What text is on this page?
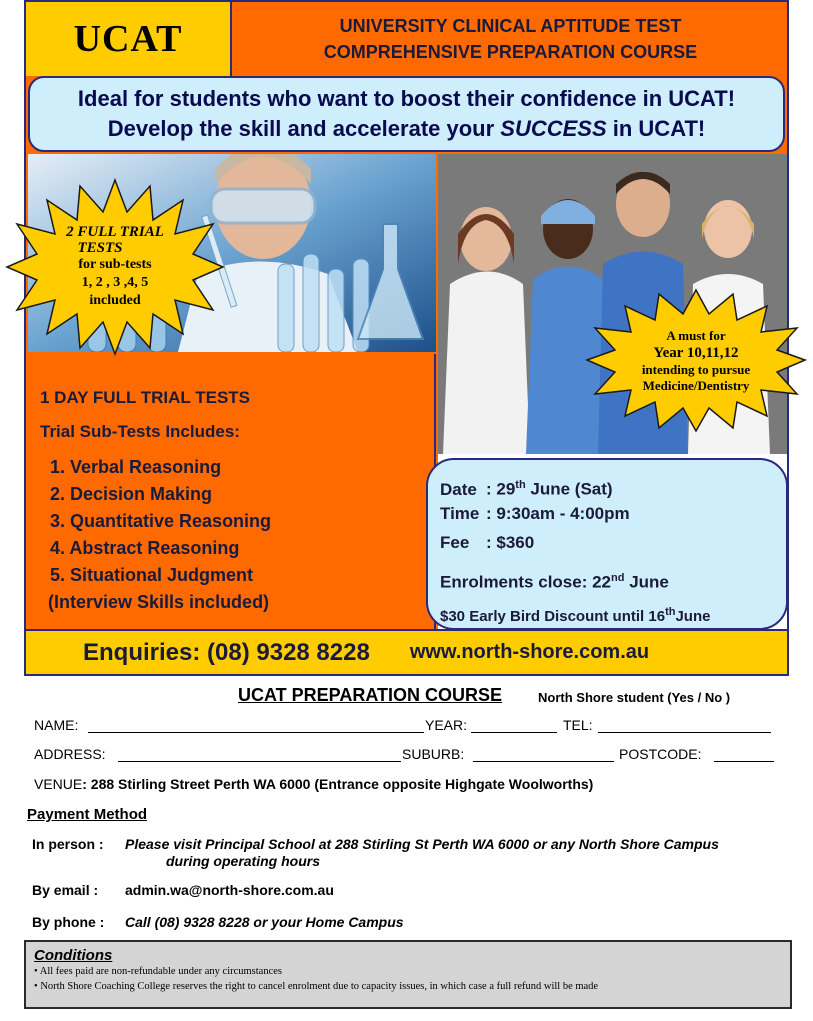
UCAT	UNIVERSITY CLINICAL APTITUDE TEST
COMPREHENSIVE PREPARATION COURSE
Ideal for students who want to boost their confidence in UCAT!
Develop the skill and accelerate your SUCCESS in UCAT!
1 DAY FULL TRIAL TESTS
Trial Sub-Tests Includes:
1. Verbal Reasoning
2. Decision Making
3. Quantitative Reasoning
4. Abstract Reasoning
5. Situational Judgment
(Interview Skills included)
Date : 29th June (Sat)
Time : 9:30am - 4:00pm
Fee : $360
Enrolments close: 22nd June
$30 Early Bird Discount until 16thJune
Enquiries: (08) 9328 8228 www.north-shore.com.au
2 FULL TRIAL
TESTS
for sub-tests
1, 2 , 3 ,4, 5
included
A must for
Year 10,11,12
intending to pursue
Medicine/Dentistry
UCAT PREPARATION COURSE	North Shore student (Yes / No )
NAME:	YEAR:	TEL:
ADDRESS:	SUBURB:	POSTCODE:
VENUE: 288 Stirling Street Perth WA 6000 (Entrance opposite Highgate Woolworths)
Payment Method
In person : Please visit Principal School at 288 Stirling St Perth WA 6000 or any North Shore Campus
during operating hours
By email : admin.wa@north-shore.com.au
By phone : Call (08) 9328 8228 or your Home Campus
Conditions
• All fees paid are non-refundable under any circumstances
• North Shore Coaching College reserves the right to cancel enrolment due to capacity issues, in which case a full refund will be made
